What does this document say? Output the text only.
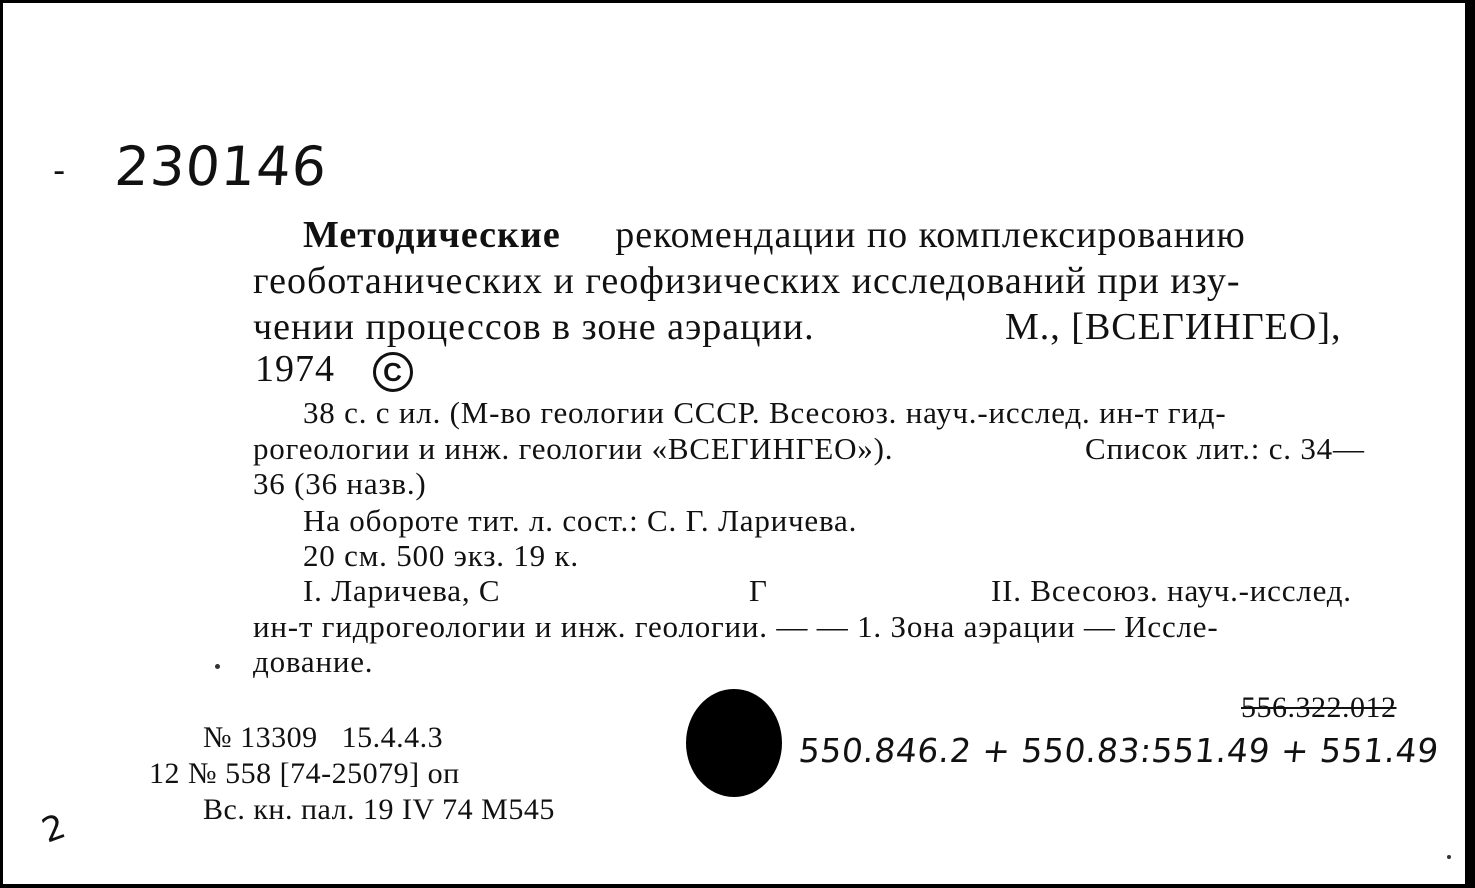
- 230146
Методические рекомендации по комплексированию
геоботанических и геофизических исследований при изу-
чении процессов в зоне аэрации.	М., [ВСЕГИНГЕО],
1974 C
38 с. с ил. (М-во геологии СССР. Всесоюз. науч.-исслед. ин-т гид-
рогеологии и инж. геологии «ВСЕГИНГЕО»).	Список лит.: с. 34—
36 (36 назв.)
На обороте тит. л. сост.: С. Г. Ларичева.
20 см. 500 экз. 19 к.
I. Ларичева, С	Г	II. Всесоюз. науч.-исслед.
ин-т гидрогеологии и инж. геологии. — — 1. Зона аэрации — Иссле-
дование.
№ 13309   15.4.4.3
12 № 558 [74-25079] оп
Вс. кн. пал. 19 IV 74 М545
556.322.012
550.846.2 + 550.83:551.49 + 551.49
2
